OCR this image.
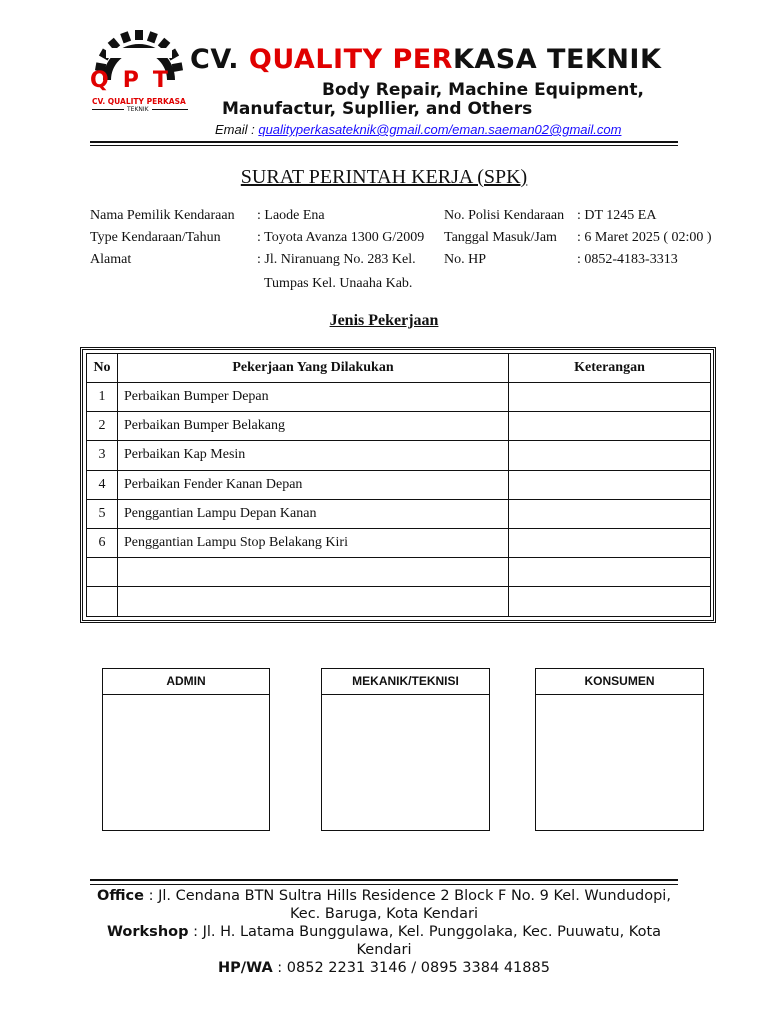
QPT
CV. QUALITY PERKASA
TEKNIK
CV. QUALITY PERKASA TEKNIK
Body Repair, Machine Equipment,
Manufactur, Supllier, and Others
Email : qualityperkasateknik@gmail.com/eman.saeman02@gmail.com
SURAT PERINTAH KERJA (SPK)
Nama Pemilik Kendaraan : Laode Ena
Type Kendaraan/Tahun	: Toyota Avanza 1300 G/2009
Alamat	: Jl. Niranuang No. 283 Kel.
Tumpas Kel. Unaaha Kab.
No. Polisi Kendaraan : DT 1245 EA
Tanggal Masuk/Jam : 6 Maret 2025 ( 02:00 )
No. HP	: 0852-4183-3313
Jenis Pekerjaan
No	Pekerjaan Yang Dilakukan	Keterangan
1	Perbaikan Bumper Depan	
2	Perbaikan Bumper Belakang	
3	Perbaikan Kap Mesin	
4	Perbaikan Fender Kanan Depan	
5	Penggantian Lampu Depan Kanan	
6	Penggantian Lampu Stop Belakang Kiri	

ADMIN	MEKANIK/TEKNISI	KONSUMEN
Office : Jl. Cendana BTN Sultra Hills Residence 2 Block F No. 9 Kel. Wundudopi, Kec. Baruga, Kota Kendari
Workshop : Jl. H. Latama Bunggulawa, Kel. Punggolaka, Kec. Puuwatu, Kota Kendari
HP/WA : 0852 2231 3146 / 0895 3384 41885
